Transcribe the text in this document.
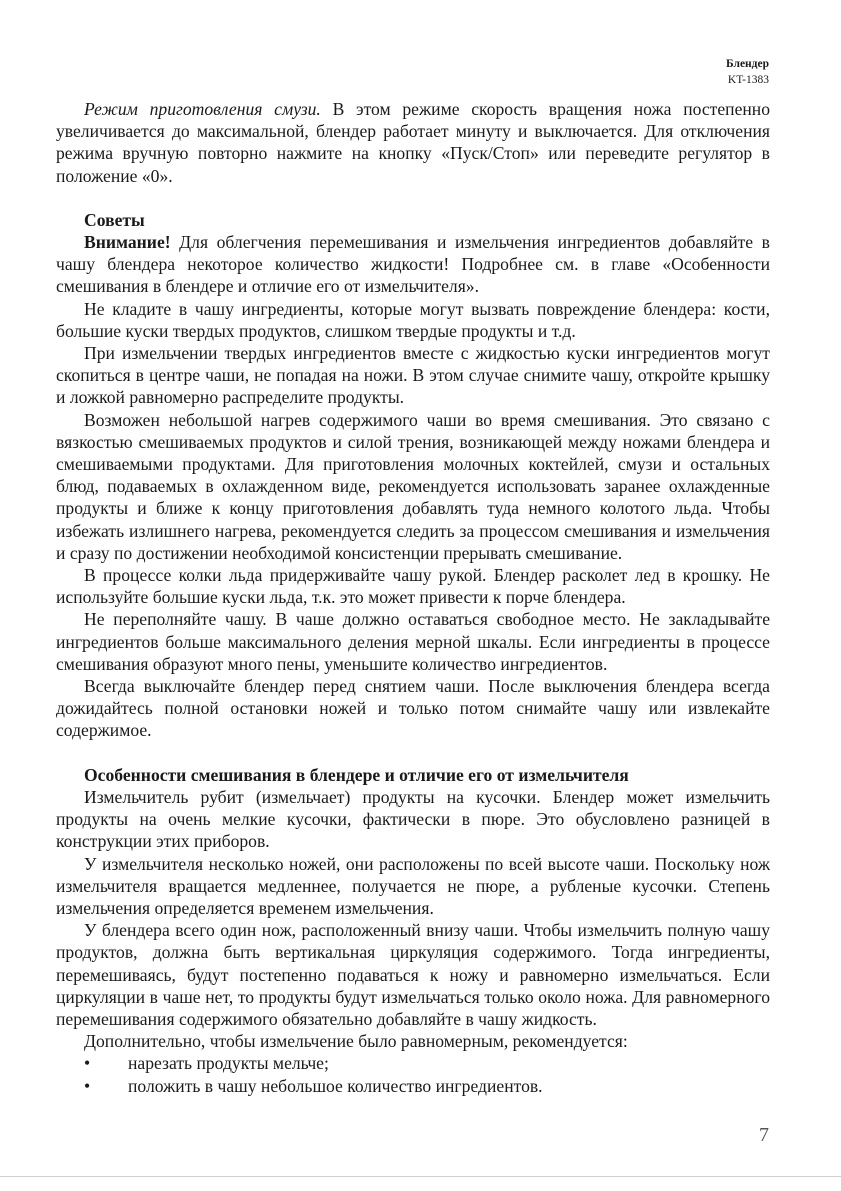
Блендер
KT-1383

Режим приготовления смузи. В этом режиме скорость вращения ножа постепенно увеличивается до максимальной, блендер работает минуту и выключается. Для отключения режима вручную повторно нажмите на кнопку «Пуск/Стоп» или переведите регулятор в положение «0».

Советы

Внимание! Для облегчения перемешивания и измельчения ингредиентов добавляйте в чашу блендера некоторое количество жидкости! Подробнее см. в главе «Особенности смешивания в блендере и отличие его от измельчителя».

Не кладите в чашу ингредиенты, которые могут вызвать повреждение блендера: кости, большие куски твердых продуктов, слишком твердые продукты и т.д.

При измельчении твердых ингредиентов вместе с жидкостью куски ингредиентов могут скопиться в центре чаши, не попадая на ножи. В этом случае снимите чашу, откройте крышку и ложкой равномерно распределите продукты.

Возможен небольшой нагрев содержимого чаши во время смешивания. Это связано с вязкостью смешиваемых продуктов и силой трения, возникающей между ножами блендера и смешиваемыми продуктами. Для приготовления молочных коктейлей, смузи и остальных блюд, подаваемых в охлажденном виде, рекомендуется использовать заранее охлажденные продукты и ближе к концу приготовления добавлять туда немного колотого льда. Чтобы избежать излишнего нагрева, рекомендуется следить за процессом смешивания и измельчения и сразу по достижении необходимой консистенции прерывать смешивание.

В процессе колки льда придерживайте чашу рукой. Блендер расколет лед в крошку. Не используйте большие куски льда, т.к. это может привести к порче блендера.

Не переполняйте чашу. В чаше должно оставаться свободное место. Не закладывайте ингредиентов больше максимального деления мерной шкалы. Если ингредиенты в процессе смешивания образуют много пены, уменьшите количество ингредиентов.

Всегда выключайте блендер перед снятием чаши. После выключения блендера всегда дожидайтесь полной остановки ножей и только потом снимайте чашу или извлекайте содержимое.

Особенности смешивания в блендере и отличие его от измельчителя

Измельчитель рубит (измельчает) продукты на кусочки. Блендер может измельчить продукты на очень мелкие кусочки, фактически в пюре. Это обусловлено разницей в конструкции этих приборов.

У измельчителя несколько ножей, они расположены по всей высоте чаши. Поскольку нож измельчителя вращается медленнее, получается не пюре, а рубленые кусочки. Степень измельчения определяется временем измельчения.

У блендера всего один нож, расположенный внизу чаши. Чтобы измельчить полную чашу продуктов, должна быть вертикальная циркуляция содержимого. Тогда ингредиенты, перемешиваясь, будут постепенно подаваться к ножу и равномерно измельчаться. Если циркуляции в чаше нет, то продукты будут измельчаться только около ножа. Для равномерного перемешивания содержимого обязательно добавляйте в чашу жидкость.

Дополнительно, чтобы измельчение было равномерным, рекомендуется:

• нарезать продукты мельче;
• положить в чашу небольшое количество ингредиентов.
7
